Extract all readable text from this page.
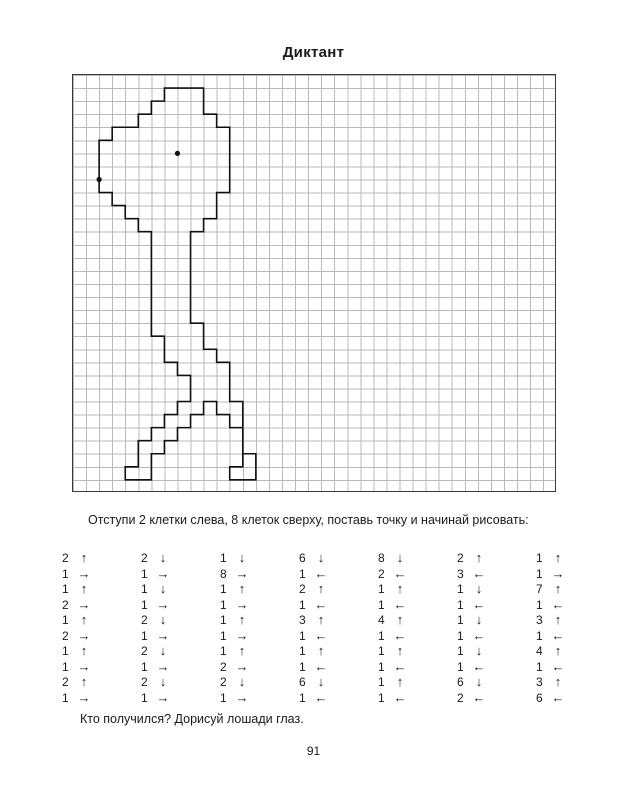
Диктант
Отступи 2 клетки слева, 8 клеток сверху, поставь точку и начинай рисовать:
2 ↑
1 →
1 ↑
2 →
1 ↑
2 →
1 ↑
1 →
2 ↑
1 →
2 ↓
1 →
1 ↓
1 →
2 ↓
1 →
2 ↓
1 →
2 ↓
1 →
1 ↓
8 →
1 ↑
1 →
1 ↑
1 →
1 ↑
2 →
2 ↓
1 →
6 ↓
1 ←
2 ↑
1 ←
3 ↑
1 ←
1 ↑
1 ←
6 ↓
1 ←
8 ↓
2 ←
1 ↑
1 ←
4 ↑
1 ←
1 ↑
1 ←
1 ↑
1 ←
2 ↑
3 ←
1 ↓
1 ←
1 ↓
1 ←
1 ↓
1 ←
6 ↓
2 ←
1 ↑
1 →
7 ↑
1 ←
3 ↑
1 ←
4 ↑
1 ←
3 ↑
6 ←
Кто получился? Дорисуй лошади глаз.
91
